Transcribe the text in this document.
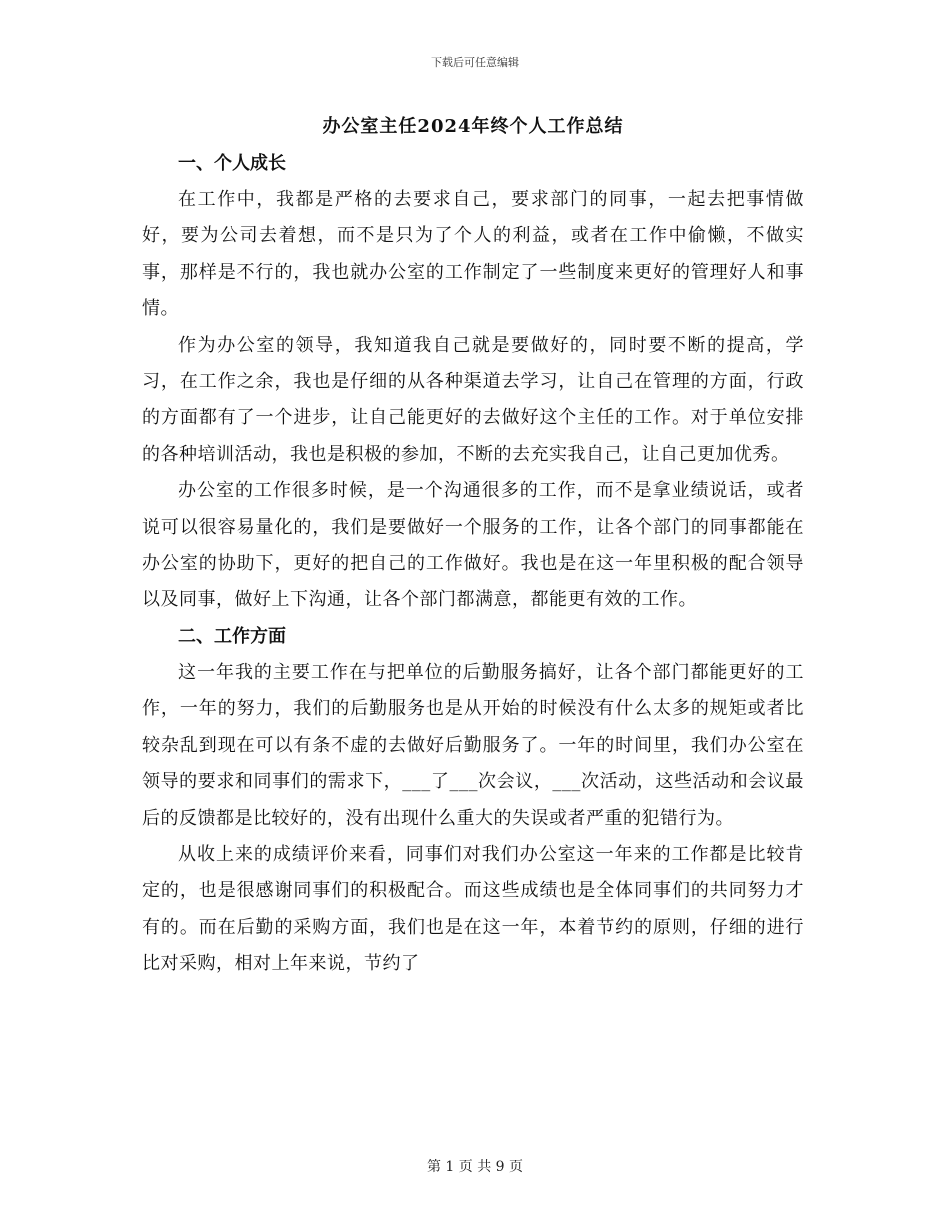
下载后可任意编辑
办公室主任2024年终个人工作总结
一、个人成长

在工作中，我都是严格的去要求自己，要求部门的同事，一起去把事情做好，要为公司去着想，而不是只为了个人的利益，或者在工作中偷懒，不做实事，那样是不行的，我也就办公室的工作制定了一些制度来更好的管理好人和事情。

作为办公室的领导，我知道我自己就是要做好的，同时要不断的提高，学习，在工作之余，我也是仔细的从各种渠道去学习，让自己在管理的方面，行政的方面都有了一个进步，让自己能更好的去做好这个主任的工作。对于单位安排的各种培训活动，我也是积极的参加，不断的去充实我自己，让自己更加优秀。

办公室的工作很多时候，是一个沟通很多的工作，而不是拿业绩说话，或者说可以很容易量化的，我们是要做好一个服务的工作，让各个部门的同事都能在办公室的协助下，更好的把自己的工作做好。我也是在这一年里积极的配合领导以及同事，做好上下沟通，让各个部门都满意，都能更有效的工作。

二、工作方面

这一年我的主要工作在与把单位的后勤服务搞好，让各个部门都能更好的工作，一年的努力，我们的后勤服务也是从开始的时候没有什么太多的规矩或者比较杂乱到现在可以有条不虚的去做好后勤服务了。一年的时间里，我们办公室在领导的要求和同事们的需求下，___了___次会议，___次活动，这些活动和会议最后的反馈都是比较好的，没有出现什么重大的失误或者严重的犯错行为。

从收上来的成绩评价来看，同事们对我们办公室这一年来的工作都是比较肯定的，也是很感谢同事们的积极配合。而这些成绩也是全体同事们的共同努力才有的。而在后勤的采购方面，我们也是在这一年，本着节约的原则，仔细的进行比对采购，相对上年来说，节约了

第 1 页 共 9 页
